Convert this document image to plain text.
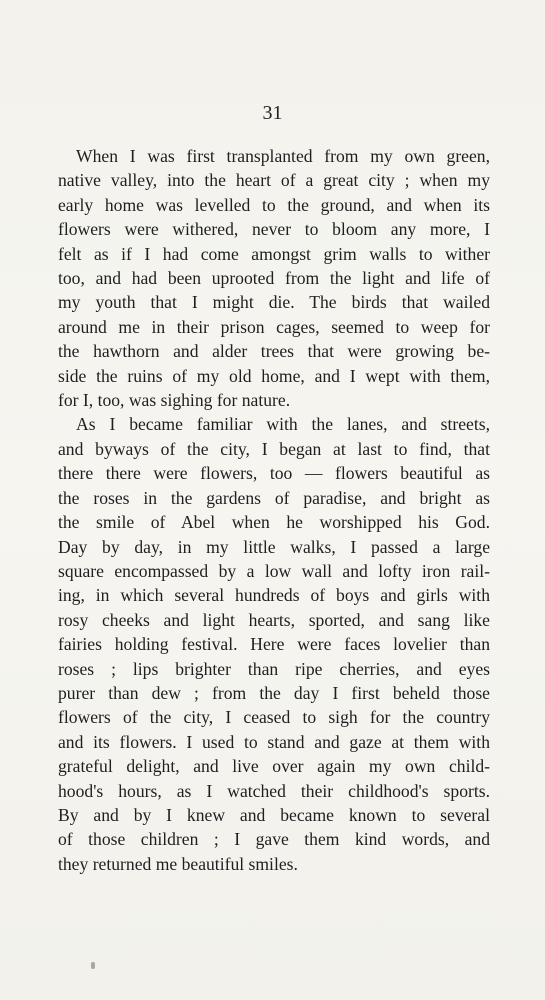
31
When I was first transplanted from my own green,
native valley, into the heart of a great city ; when my
early home was levelled to the ground, and when its
flowers were withered, never to bloom any more, I
felt as if I had come amongst grim walls to wither
too, and had been uprooted from the light and life of
my youth that I might die. The birds that wailed
around me in their prison cages, seemed to weep for
the hawthorn and alder trees that were growing be-
side the ruins of my old home, and I wept with them,
for I, too, was sighing for nature.
As I became familiar with the lanes, and streets,
and byways of the city, I began at last to find, that
there there were flowers, too — flowers beautiful as
the roses in the gardens of paradise, and bright as
the smile of Abel when he worshipped his God.
Day by day, in my little walks, I passed a large
square encompassed by a low wall and lofty iron rail-
ing, in which several hundreds of boys and girls with
rosy cheeks and light hearts, sported, and sang like
fairies holding festival. Here were faces lovelier than
roses ; lips brighter than ripe cherries, and eyes
purer than dew ; from the day I first beheld those
flowers of the city, I ceased to sigh for the country
and its flowers. I used to stand and gaze at them with
grateful delight, and live over again my own child-
hood's hours, as I watched their childhood's sports.
By and by I knew and became known to several
of those children ; I gave them kind words, and
they returned me beautiful smiles.
